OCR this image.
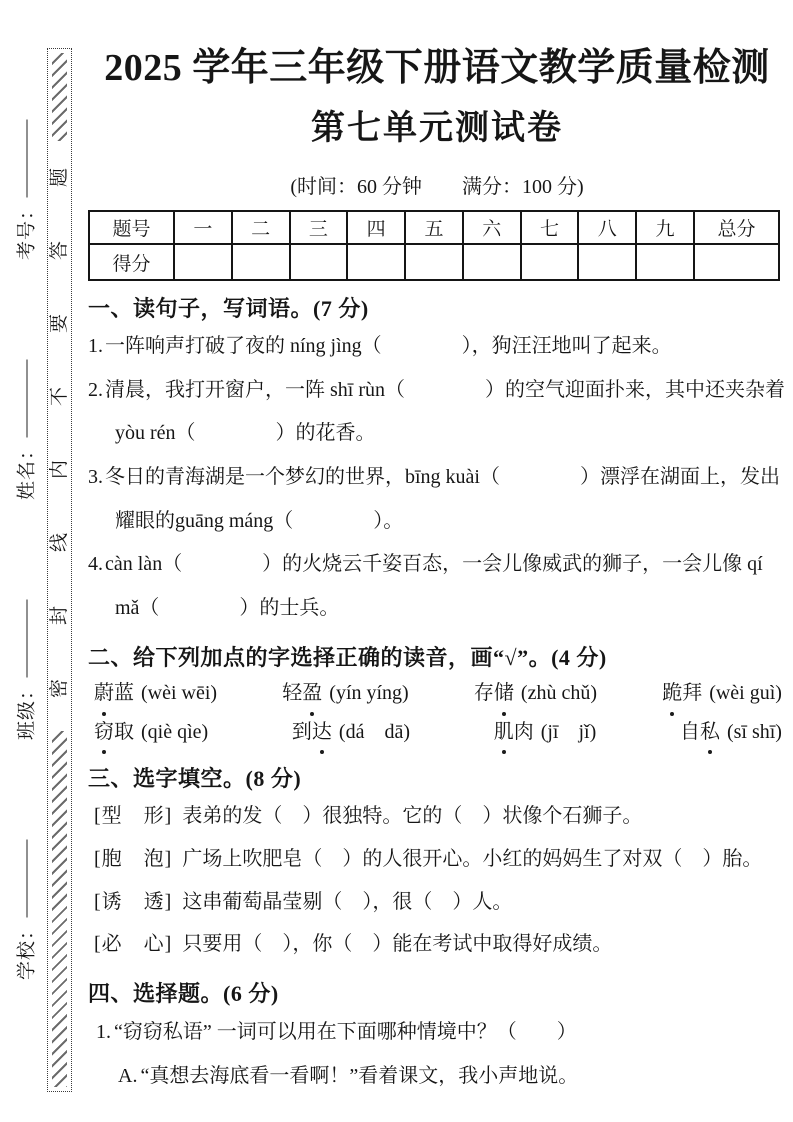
考号：
姓名：
班级：
学校：
题
答
要
不
内
线
封
密
2025 学年三年级下册语文教学质量检测
第七单元测试卷
(时间：60 分钟　　满分：100 分)
题号	一	二	三	四	五	六	七	八	九	总分
得分										
一、读句子，写词语。(7 分)
1. 一阵响声打破了夜的 níng jìng（　　　　），狗汪汪地叫了起来。
2. 清晨，我打开窗户，一阵 shī rùn（　　　　）的空气迎面扑来，其中还夹杂着 yòu rén（　　　　）的花香。
3. 冬日的青海湖是一个梦幻的世界，bīng kuài（　　　　）漂浮在湖面上，发出耀眼的guāng máng（　　　　）。
4. càn làn（　　　　）的火烧云千姿百态，一会儿像威武的狮子，一会儿像 qí mǎ（　　　　）的士兵。
二、给下列加点的字选择正确的读音，画“√”。(4 分)
蔚蓝 (wèi wēi)	轻盈 (yín yíng)	存储 (zhù chǔ)	跪拜 (wèi guì)
窃取 (qiè qìe)	到达 (dá　dā)	肌肉 (jī　jǐ)	自私 (sī shī)
三、选字填空。(8 分)
[型　形] 表弟的发（　）很独特。它的（　）状像个石狮子。
[胞　泡] 广场上吹肥皂（　）的人很开心。小红的妈妈生了对双（　）胎。
[诱　透] 这串葡萄晶莹剔（　），很（　）人。
[必　心] 只要用（　），你（　）能在考试中取得好成绩。
四、选择题。(6 分)
1. “窃窃私语” 一词可以用在下面哪种情境中？（　　）
A. “真想去海底看一看啊！”看着课文，我小声地说。
